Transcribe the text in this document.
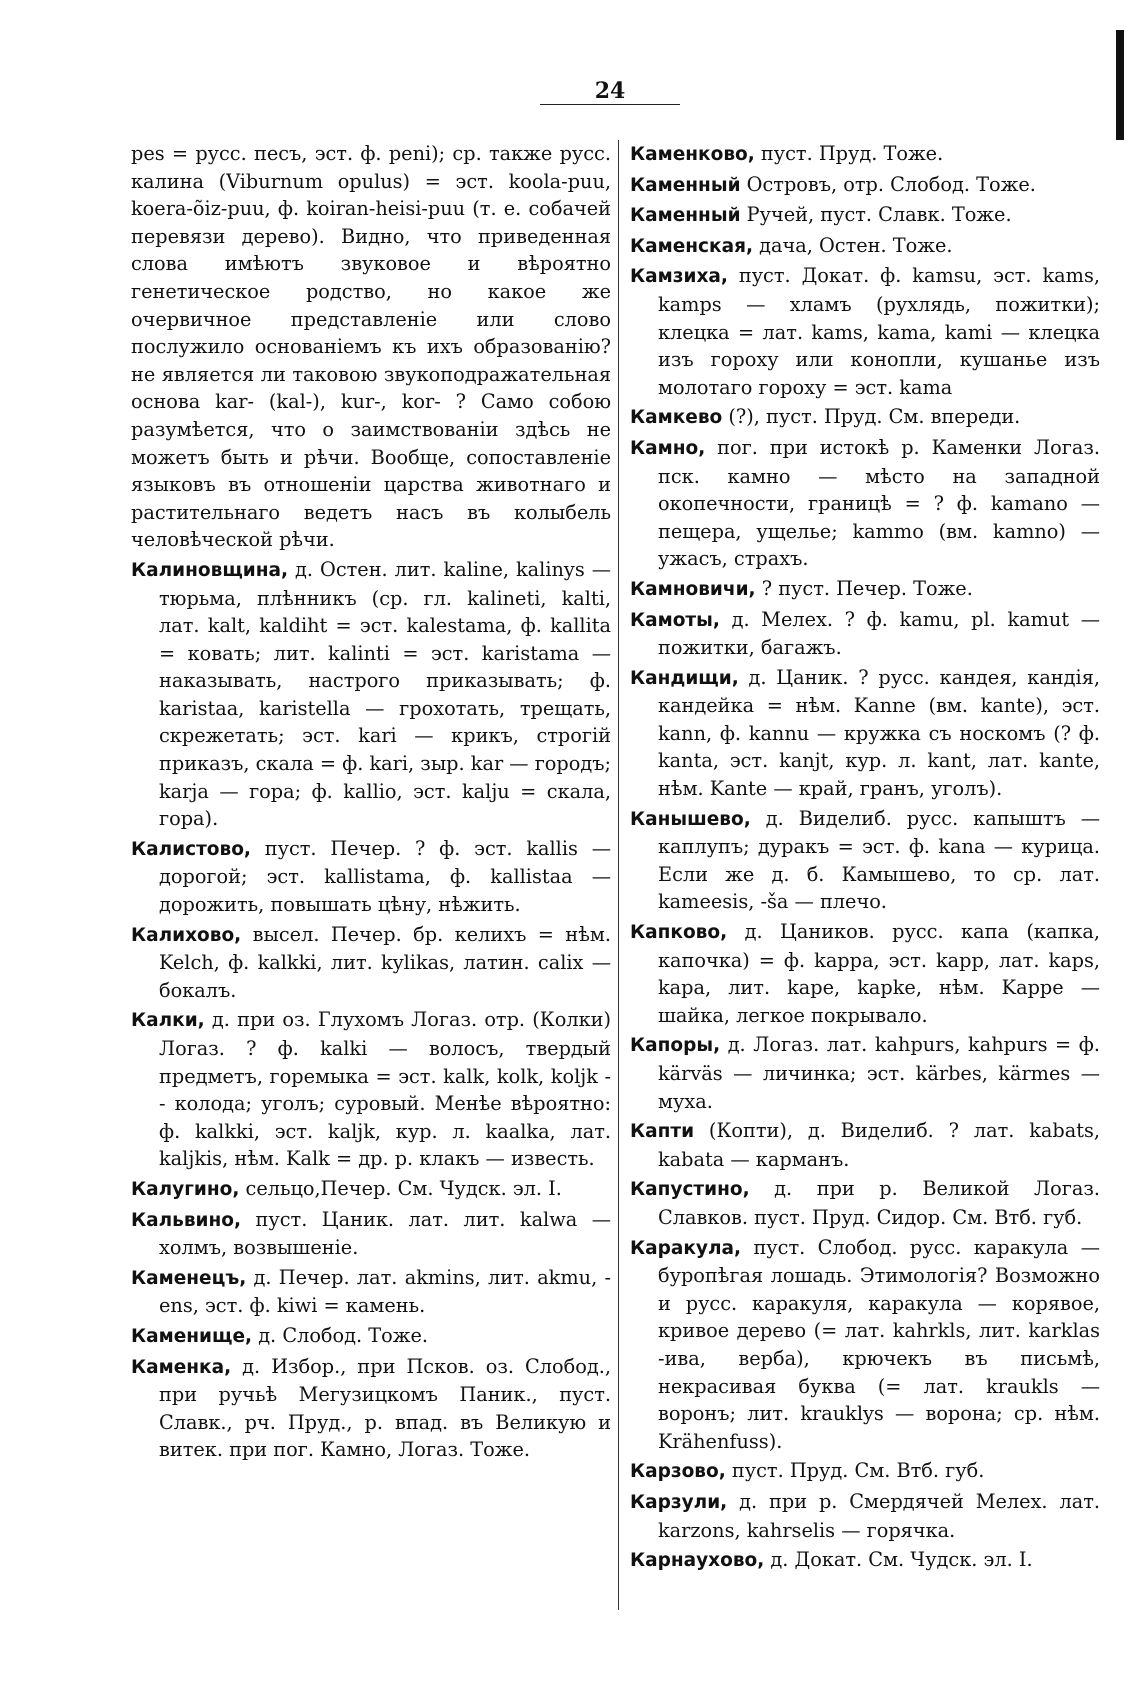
24

pes = русс. песъ, эст. ф. peni); ср. также русс. калина (Viburnum opulus) = эст. koola-puu, koera-õiz-puu, ф. koiran-heisi-puu (т. е. собачей перевязи дерево). Видно, что приведенная слова имѣютъ звуковое и вѣроятно генетическое родство, но какое же очервичное представленіе или слово послужило основаніемъ къ ихъ образованію? не является ли таковою звукоподражательная основа kar- (kal-), kur-, kor- ? Само собою разумѣется, что о заимствованіи здѣсь не можетъ быть и рѣчи. Вообще, сопоставленіе языковъ въ отношеніи царства животнаго и растительнаго ведетъ насъ въ колыбель человѣческой рѣчи.

Калиновщина, д. Остен. лит. kaline, kalinys — тюрьма, плѣнникъ (ср. гл. kalineti, kalti, лат. kalt, kaldiht = эст. kalestama, ф. kallita = ковать; лит. kalinti = эст. karistama — наказывать, настрого приказывать; ф. karistaa, karistella — грохотать, трещать, скрежетать; эст. kari — крикъ, строгій приказъ, скала = ф. kari, зыр. kar — городъ; karja — гора; ф. kallio, эст. kalju = скала, гора).

Калистово, пуст. Печер. ? ф. эст. kallis — дорогой; эст. kallistama, ф. kallistaa — дорожить, повышать цѣну, нѣжить.

Калихово, высел. Печер. бр. келихъ = нѣм. Kelch, ф. kalkki, лит. kylikas, латин. calix — бокалъ.

Калки, д. при оз. Глухомъ Логаз. отр. (Колки) Логаз. ? ф. kalki — волосъ, твердый предметъ, горемыка = эст. kalk, kolk, koljk -- колода; уголъ; суровый. Менѣе вѣроятно: ф. kalkki, эст. kaljk, кур. л. kaalka, лат. kaljkis, нѣм. Kalk = др. р. клакъ — известь.

Калугино, сельцо,Печер. См. Чудск. эл. I.

Кальвино, пуст. Цаник. лат. лит. kalwa — холмъ, возвышеніе.

Каменецъ, д. Печер. лат. akmins, лит. akmu, -ens, эст. ф. kiwi = камень.

Каменище, д. Слобод. Тоже.

Каменка, д. Избор., при Псков. оз. Слобод., при ручьѣ Мегузицкомъ Паник., пуст. Славк., рч. Пруд., р. впад. въ Великую и витек. при пог. Камно, Логаз. Тоже.

Каменково, пуст. Пруд. Тоже.

Каменный Островъ, отр. Слобод. Тоже.

Каменный Ручей, пуст. Славк. Тоже.

Каменская, дача, Остен. Тоже.

Камзиха, пуст. Докат. ф. kamsu, эст. kams, kamps — хламъ (рухлядь, пожитки); клецка = лат. kams, kama, kami — клецка изъ гороху или конопли, кушанье изъ молотаго гороху = эст. kama

Камкево (?), пуст. Пруд. См. впереди.

Камно, пог. при истокѣ р. Каменки Логаз. пск. камно — мѣсто на западной окопечности, границѣ = ? ф. kamano — пещера, ущелье; kammo (вм. kamno) — ужасъ, страхъ.

Камновичи, ? пуст. Печер. Тоже.

Камоты, д. Мелех. ? ф. kamu, pl. kamut — пожитки, багажъ.

Кандищи, д. Цаник. ? русс. кандея, кандія, кандейка = нѣм. Kanne (вм. kante), эст. kann, ф. kannu — кружка съ носкомъ (? ф. kanta, эст. kanjt, кур. л. kant, лат. kante, нѣм. Kante — край, гранъ, уголъ).

Канышево, д. Виделиб. русс. капыштъ — каплупъ; дуракъ = эст. ф. kana — курица. Если же д. б. Камышево, то ср. лат. kameesis, -ša — плечо.

Капково, д. Цаников. русс. капа (капка, капочка) = ф. kappa, эст. kapp, лат. kaps, kapa, лит. kape, kapke, нѣм. Kappe — шайка, легкое покрывало.

Капоры, д. Логаз. лат. kahpurs, kahpurs = ф. kärväs — личинка; эст. kärbes, kärmes — муха.

Капти (Копти), д. Виделиб. ? лат. kabats, kabata — карманъ.

Капустино, д. при р. Великой Логаз. Славков. пуст. Пруд. Сидор. См. Втб. губ.

Каракула, пуст. Слобод. русс. каракула — буропѣгая лошадь. Этимологія? Возможно и русс. каракуля, каракула — корявое, кривое дерево (= лат. kahrkls, лит. karklas -ива, верба), крючекъ въ письмѣ, некрасивая буква (= лат. kraukls — воронъ; лит. krauklys — ворона; ср. нѣм. Krähenfuss).

Карзово, пуст. Пруд. См. Втб. губ.

Карзули, д. при р. Смердячей Мелех. лат. karzons, kahrselis — горячка.

Карнаухово, д. Докат. См. Чудск. эл. I.
